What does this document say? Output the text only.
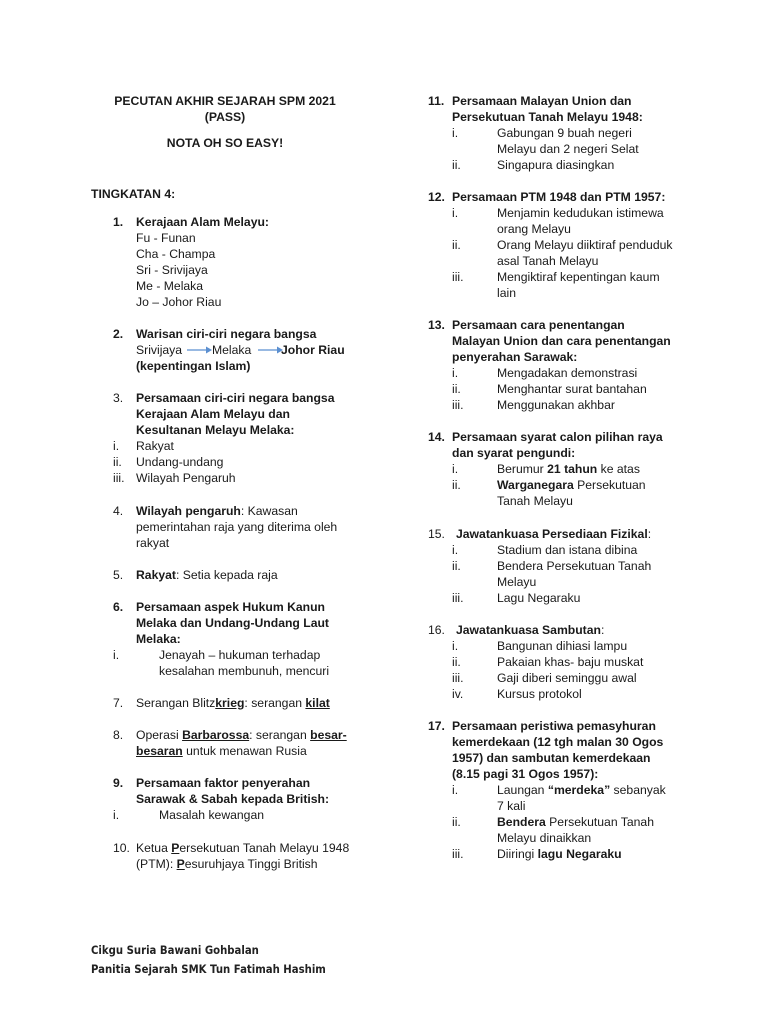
PECUTAN AKHIR SEJARAH SPM 2021
(PASS)
NOTA OH SO EASY!
TINGKATAN 4:
1. Kerajaan Alam Melayu:
Fu - Funan
Cha - Champa
Sri - Srivijaya
Me - Melaka
Jo – Johor Riau
2. Warisan ciri-ciri negara bangsa
Srivijaya Melaka Johor Riau
(kepentingan Islam)
3. Persamaan ciri-ciri negara bangsa
Kerajaan Alam Melayu dan
Kesultanan Melayu Melaka:
i. Rakyat
ii. Undang-undang
iii. Wilayah Pengaruh
4. Wilayah pengaruh: Kawasan
pemerintahan raja yang diterima oleh
rakyat
5. Rakyat: Setia kepada raja
6. Persamaan aspek Hukum Kanun
Melaka dan Undang-Undang Laut
Melaka:
i.	Jenayah – hukuman terhadap
kesalahan membunuh, mencuri
7. Serangan Blitzkrieg: serangan kilat
8. Operasi Barbarossa: serangan besar-
besaran untuk menawan Rusia
9. Persamaan faktor penyerahan
Sarawak & Sabah kepada British:
i.	Masalah kewangan
10. Ketua Persekutuan Tanah Melayu 1948
(PTM): Pesuruhjaya Tinggi British
11. Persamaan Malayan Union dan
Persekutuan Tanah Melayu 1948:
i.	Gabungan 9 buah negeri
Melayu dan 2 negeri Selat
ii.	Singapura diasingkan
12. Persamaan PTM 1948 dan PTM 1957:
i.	Menjamin kedudukan istimewa
orang Melayu
ii.	Orang Melayu diiktiraf penduduk
asal Tanah Melayu
iii.	Mengiktiraf kepentingan kaum
lain
13. Persamaan cara penentangan
Malayan Union dan cara penentangan
penyerahan Sarawak:
i.	Mengadakan demonstrasi
ii.	Menghantar surat bantahan
iii.	Menggunakan akhbar
14. Persamaan syarat calon pilihan raya
dan syarat pengundi:
i.	Berumur 21 tahun ke atas
ii.	Warganegara Persekutuan
Tanah Melayu
15. Jawatankuasa Persediaan Fizikal:
i.	Stadium dan istana dibina
ii.	Bendera Persekutuan Tanah
Melayu
iii.	Lagu Negaraku
16. Jawatankuasa Sambutan:
i.	Bangunan dihiasi lampu
ii.	Pakaian khas- baju muskat
iii.	Gaji diberi seminggu awal
iv.	Kursus protokol
17. Persamaan peristiwa pemasyhuran
kemerdekaan (12 tgh malan 30 Ogos
1957) dan sambutan kemerdekaan
(8.15 pagi 31 Ogos 1957):
i.	Laungan “merdeka” sebanyak
7 kali
ii.	Bendera Persekutuan Tanah
Melayu dinaikkan
iii.	Diiringi lagu Negaraku
Cikgu Suria Bawani Gohbalan
Panitia Sejarah SMK Tun Fatimah Hashim
